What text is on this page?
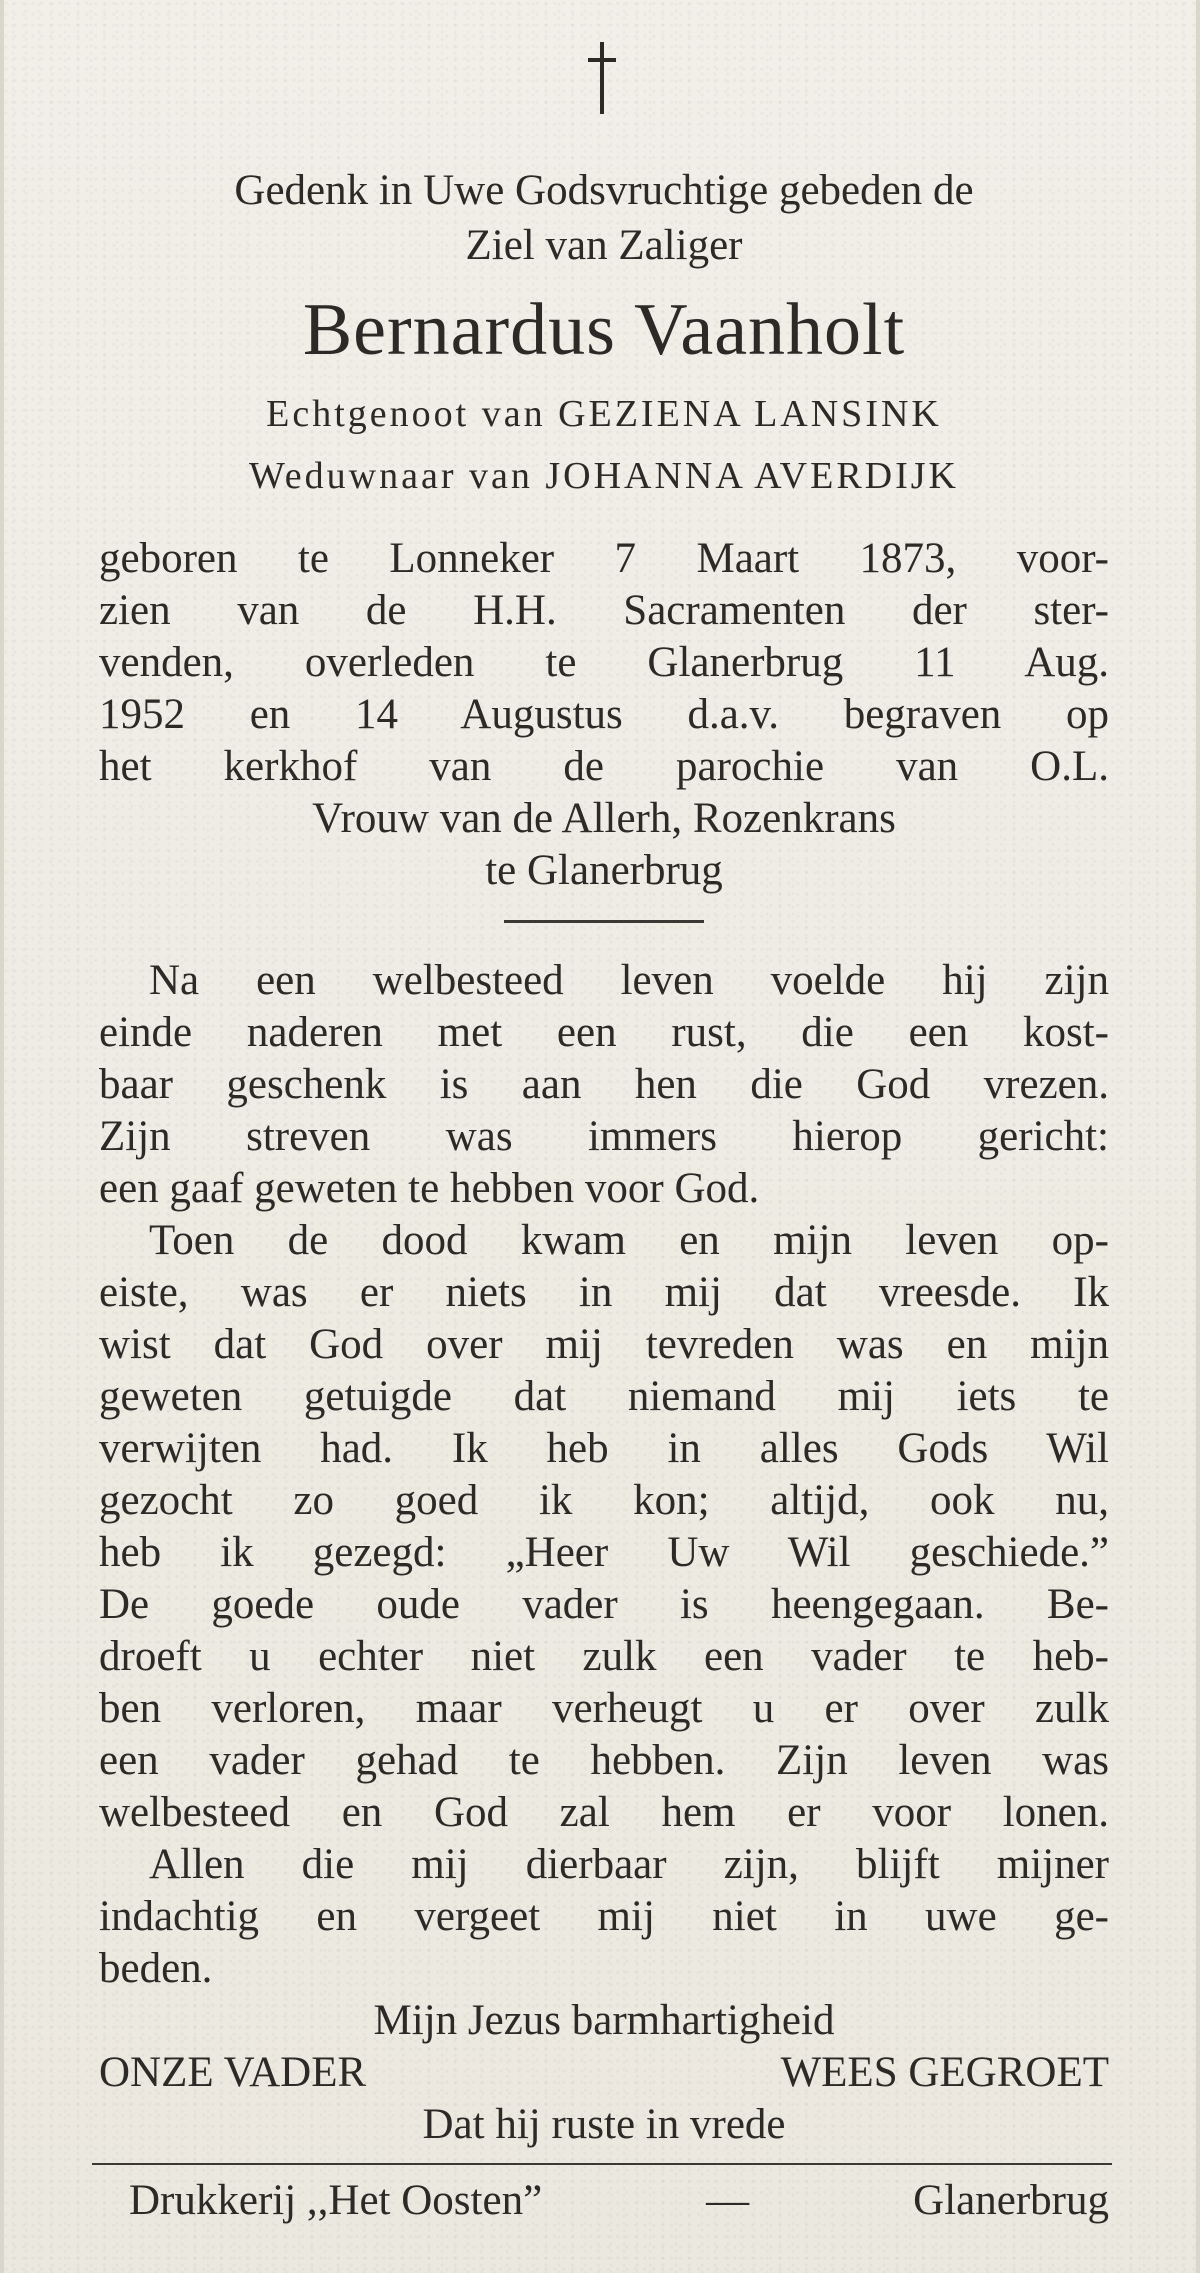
Gedenk in Uwe Godsvruchtige gebeden de
Ziel van Zaliger
Bernardus Vaanholt
Echtgenoot van GEZIENA LANSINK
Weduwnaar van JOHANNA AVERDIJK
geboren te Lonneker 7 Maart 1873, voor-
zien van de H.H. Sacramenten der ster-
venden, overleden te Glanerbrug 11 Aug.
1952 en 14 Augustus d.a.v. begraven op
het kerkhof van de parochie van O.L.
Vrouw van de Allerh, Rozenkrans
te Glanerbrug
Na een welbesteed leven voelde hij zijn
einde naderen met een rust, die een kost-
baar geschenk is aan hen die God vrezen.
Zijn streven was immers hierop gericht:
een gaaf geweten te hebben voor God.
Toen de dood kwam en mijn leven op-
eiste, was er niets in mij dat vreesde. Ik
wist dat God over mij tevreden was en mijn
geweten getuigde dat niemand mij iets te
verwijten had. Ik heb in alles Gods Wil
gezocht zo goed ik kon; altijd, ook nu,
heb ik gezegd: „Heer Uw Wil geschiede.”
De goede oude vader is heengegaan. Be-
droeft u echter niet zulk een vader te heb-
ben verloren, maar verheugt u er over zulk
een vader gehad te hebben. Zijn leven was
welbesteed en God zal hem er voor lonen.
Allen die mij dierbaar zijn, blijft mijner
indachtig en vergeet mij niet in uwe ge-
beden.
Mijn Jezus barmhartigheid
ONZE VADER	WEES GEGROET
Dat hij ruste in vrede
Drukkerij ,,Het Oosten”	—	Glanerbrug
